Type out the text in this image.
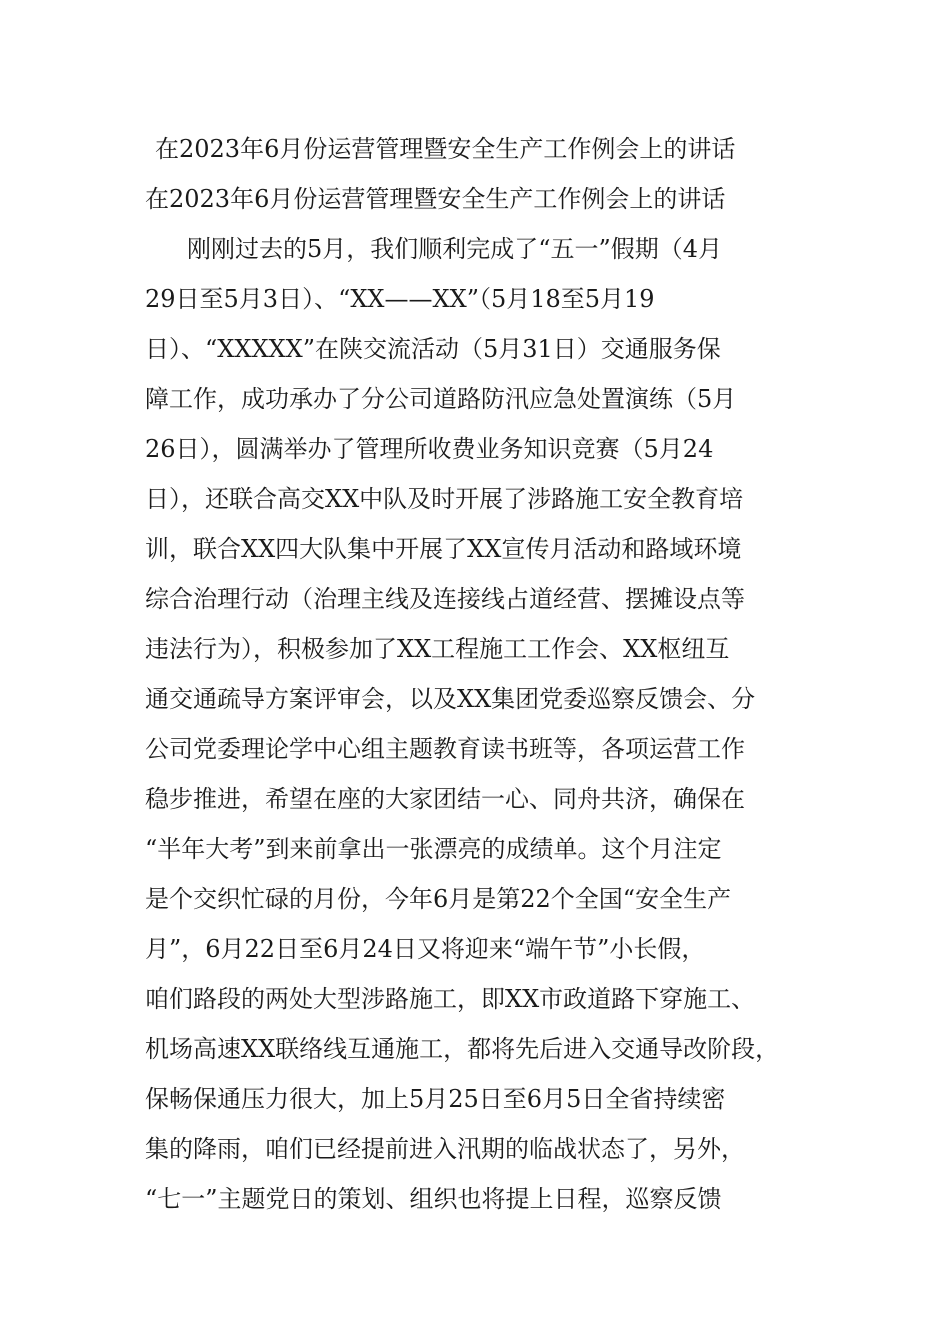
在2023年6月份运营管理暨安全生产工作例会上的讲话
在2023年6月份运营管理暨安全生产工作例会上的讲话
刚刚过去的5月，我们顺利完成了“五一”假期（4月
29日至5月3日）、“XX——XX”（5月18至5月19
日）、“XXXXX”在陕交流活动（5月31日）交通服务保
障工作，成功承办了分公司道路防汛应急处置演练（5月
26日），圆满举办了管理所收费业务知识竞赛（5月24
日），还联合高交XX中队及时开展了涉路施工安全教育培
训，联合XX四大队集中开展了XX宣传月活动和路域环境
综合治理行动（治理主线及连接线占道经营、摆摊设点等
违法行为），积极参加了XX工程施工工作会、XX枢纽互
通交通疏导方案评审会，以及XX集团党委巡察反馈会、分
公司党委理论学中心组主题教育读书班等，各项运营工作
稳步推进，希望在座的大家团结一心、同舟共济，确保在
“半年大考”到来前拿出一张漂亮的成绩单。这个月注定
是个交织忙碌的月份，今年6月是第22个全国“安全生产
月”，6月22日至6月24日又将迎来“端午节”小长假，
咱们路段的两处大型涉路施工，即XX市政道路下穿施工、
机场高速XX联络线互通施工，都将先后进入交通导改阶段，
保畅保通压力很大，加上5月25日至6月5日全省持续密
集的降雨，咱们已经提前进入汛期的临战状态了，另外，
“七一”主题党日的策划、组织也将提上日程，巡察反馈
